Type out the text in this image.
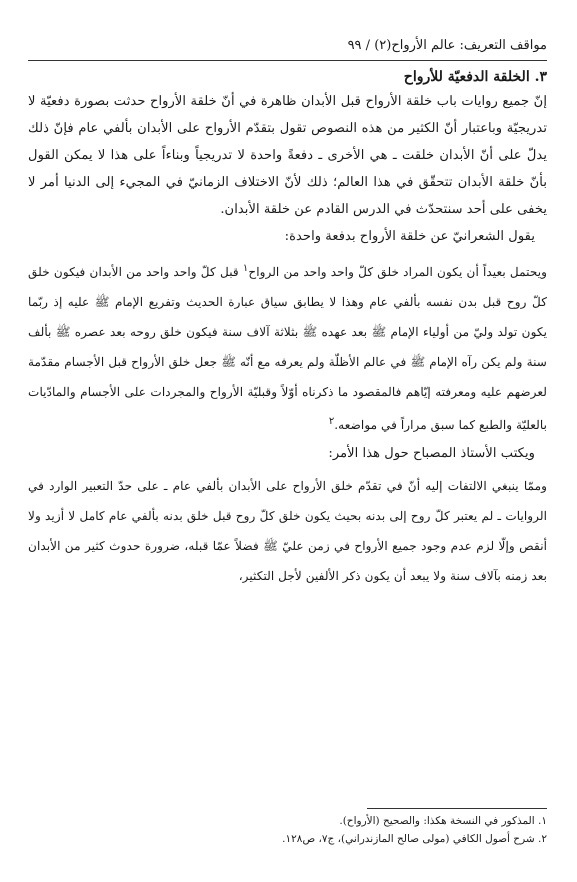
مواقف التعريف: عالم الأرواح(٢) / ٩٩

٣. الخلقة الدفعيّة للأرواح

إنّ جميع روايات باب خلقة الأرواح قبل الأبدان ظاهرة في أنّ خلقة الأرواح حدثت بصورة دفعيّة لا تدريجيّة وباعتبار أنّ الكثير من هذه النصوص تقول بتقدّم الأرواح على الأبدان بألفي عام فإنّ ذلك يدلّ على أنّ الأبدان خلقت ـ هي الأخرى ـ دفعةً واحدة لا تدريجياً وبناءاً على هذا لا يمكن القول بأنّ خلقة الأبدان تتحقّق في هذا العالم؛ ذلك لأنّ الاختلاف الزمانيّ في المجيء إلى الدنيا أمر لا يخفى على أحد سنتحدّث في الدرس القادم عن خلقة الأبدان.

يقول الشعرانيّ عن خلقة الأرواح بدفعة واحدة:

ويحتمل بعيداً أن يكون المراد خلق كلّ واحد واحد من الرواح$^١$ قبل كلّ واحد واحد من الأبدان فيكون خلق كلّ روح قبل بدن نفسه بألفي عام وهذا لا يطابق سياق عبارة الحديث وتفريع الإمام ﷺ عليه إذ ربّما يكون تولد وليّ من أولياء الإمام ﷺ بعد عهده ﷺ بثلاثة آلاف سنة فيكون خلق روحه بعد عصره ﷺ بألف سنة ولم يكن رآه الإمام ﷺ في عالم الأظلّة ولم يعرفه مع أنّه ﷺ جعل خلق الأرواح قبل الأجسام مقدّمة لعرضهم عليه ومعرفته إيّاهم فالمقصود ما ذكرناه أوّلاً وقبليّة الأرواح والمجردات على الأجسام والمادّيات بالعليّة والطبع كما سبق مراراً في مواضعه.$^٢$

ويكتب الأستاذ المصباح حول هذا الأمر:

وممّا ينبغي الالتفات إليه أنّ في تقدّم خلق الأرواح على الأبدان بألفي عام ـ على حدّ التعبير الوارد في الروايات ـ لم يعتبر كلّ روح إلى بدنه بحيث يكون خلق كلّ روح قبل خلق بدنه بألفي عام كامل لا أزيد ولا أنقص وإلّا لزم عدم وجود جميع الأرواح في زمن عليّ ﷺ فضلاً عمّا قبله، ضرورة حدوث كثير من الأبدان بعد زمنه بآلاف سنة ولا يبعد أن يكون ذكر الألفين لأجل التكثير،

١. المذكور في النسخة هكذا: والصحيح (الأرواح).

٢. شرح أصول الكافي (مولى صالح المازندراني)، ج٧، ص١٢٨.
